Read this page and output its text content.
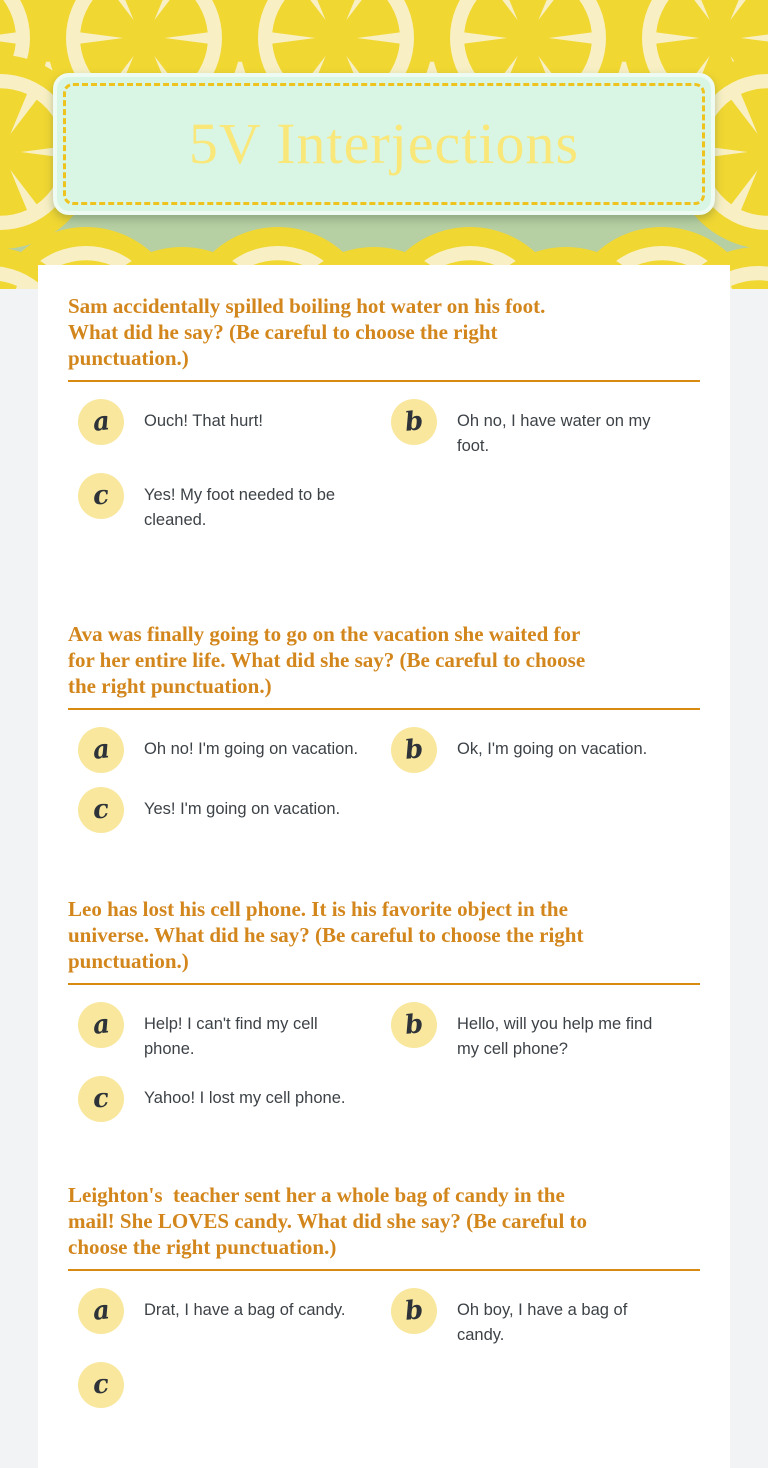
5V Interjections
Sam accidentally spilled boiling hot water on his foot.
What did he say? (Be careful to choose the right
punctuation.)
a Ouch! That hurt!	b Oh no, I have water on my
foot.
c Yes! My foot needed to be
cleaned.
Ava was finally going to go on the vacation she waited for
for her entire life. What did she say? (Be careful to choose
the right punctuation.)
a Oh no! I'm going on vacation. b Ok, I'm going on vacation.
c Yes! I'm going on vacation.
Leo has lost his cell phone. It is his favorite object in the
universe. What did he say? (Be careful to choose the right
punctuation.)
a Help! I can't find my cell
phone.
b Hello, will you help me find
my cell phone?
c Yahoo! I lost my cell phone.
Leighton's  teacher sent her a whole bag of candy in the
mail! She LOVES candy. What did she say? (Be careful to
choose the right punctuation.)
a Drat, I have a bag of candy. b Oh boy, I have a bag of
candy.
c
